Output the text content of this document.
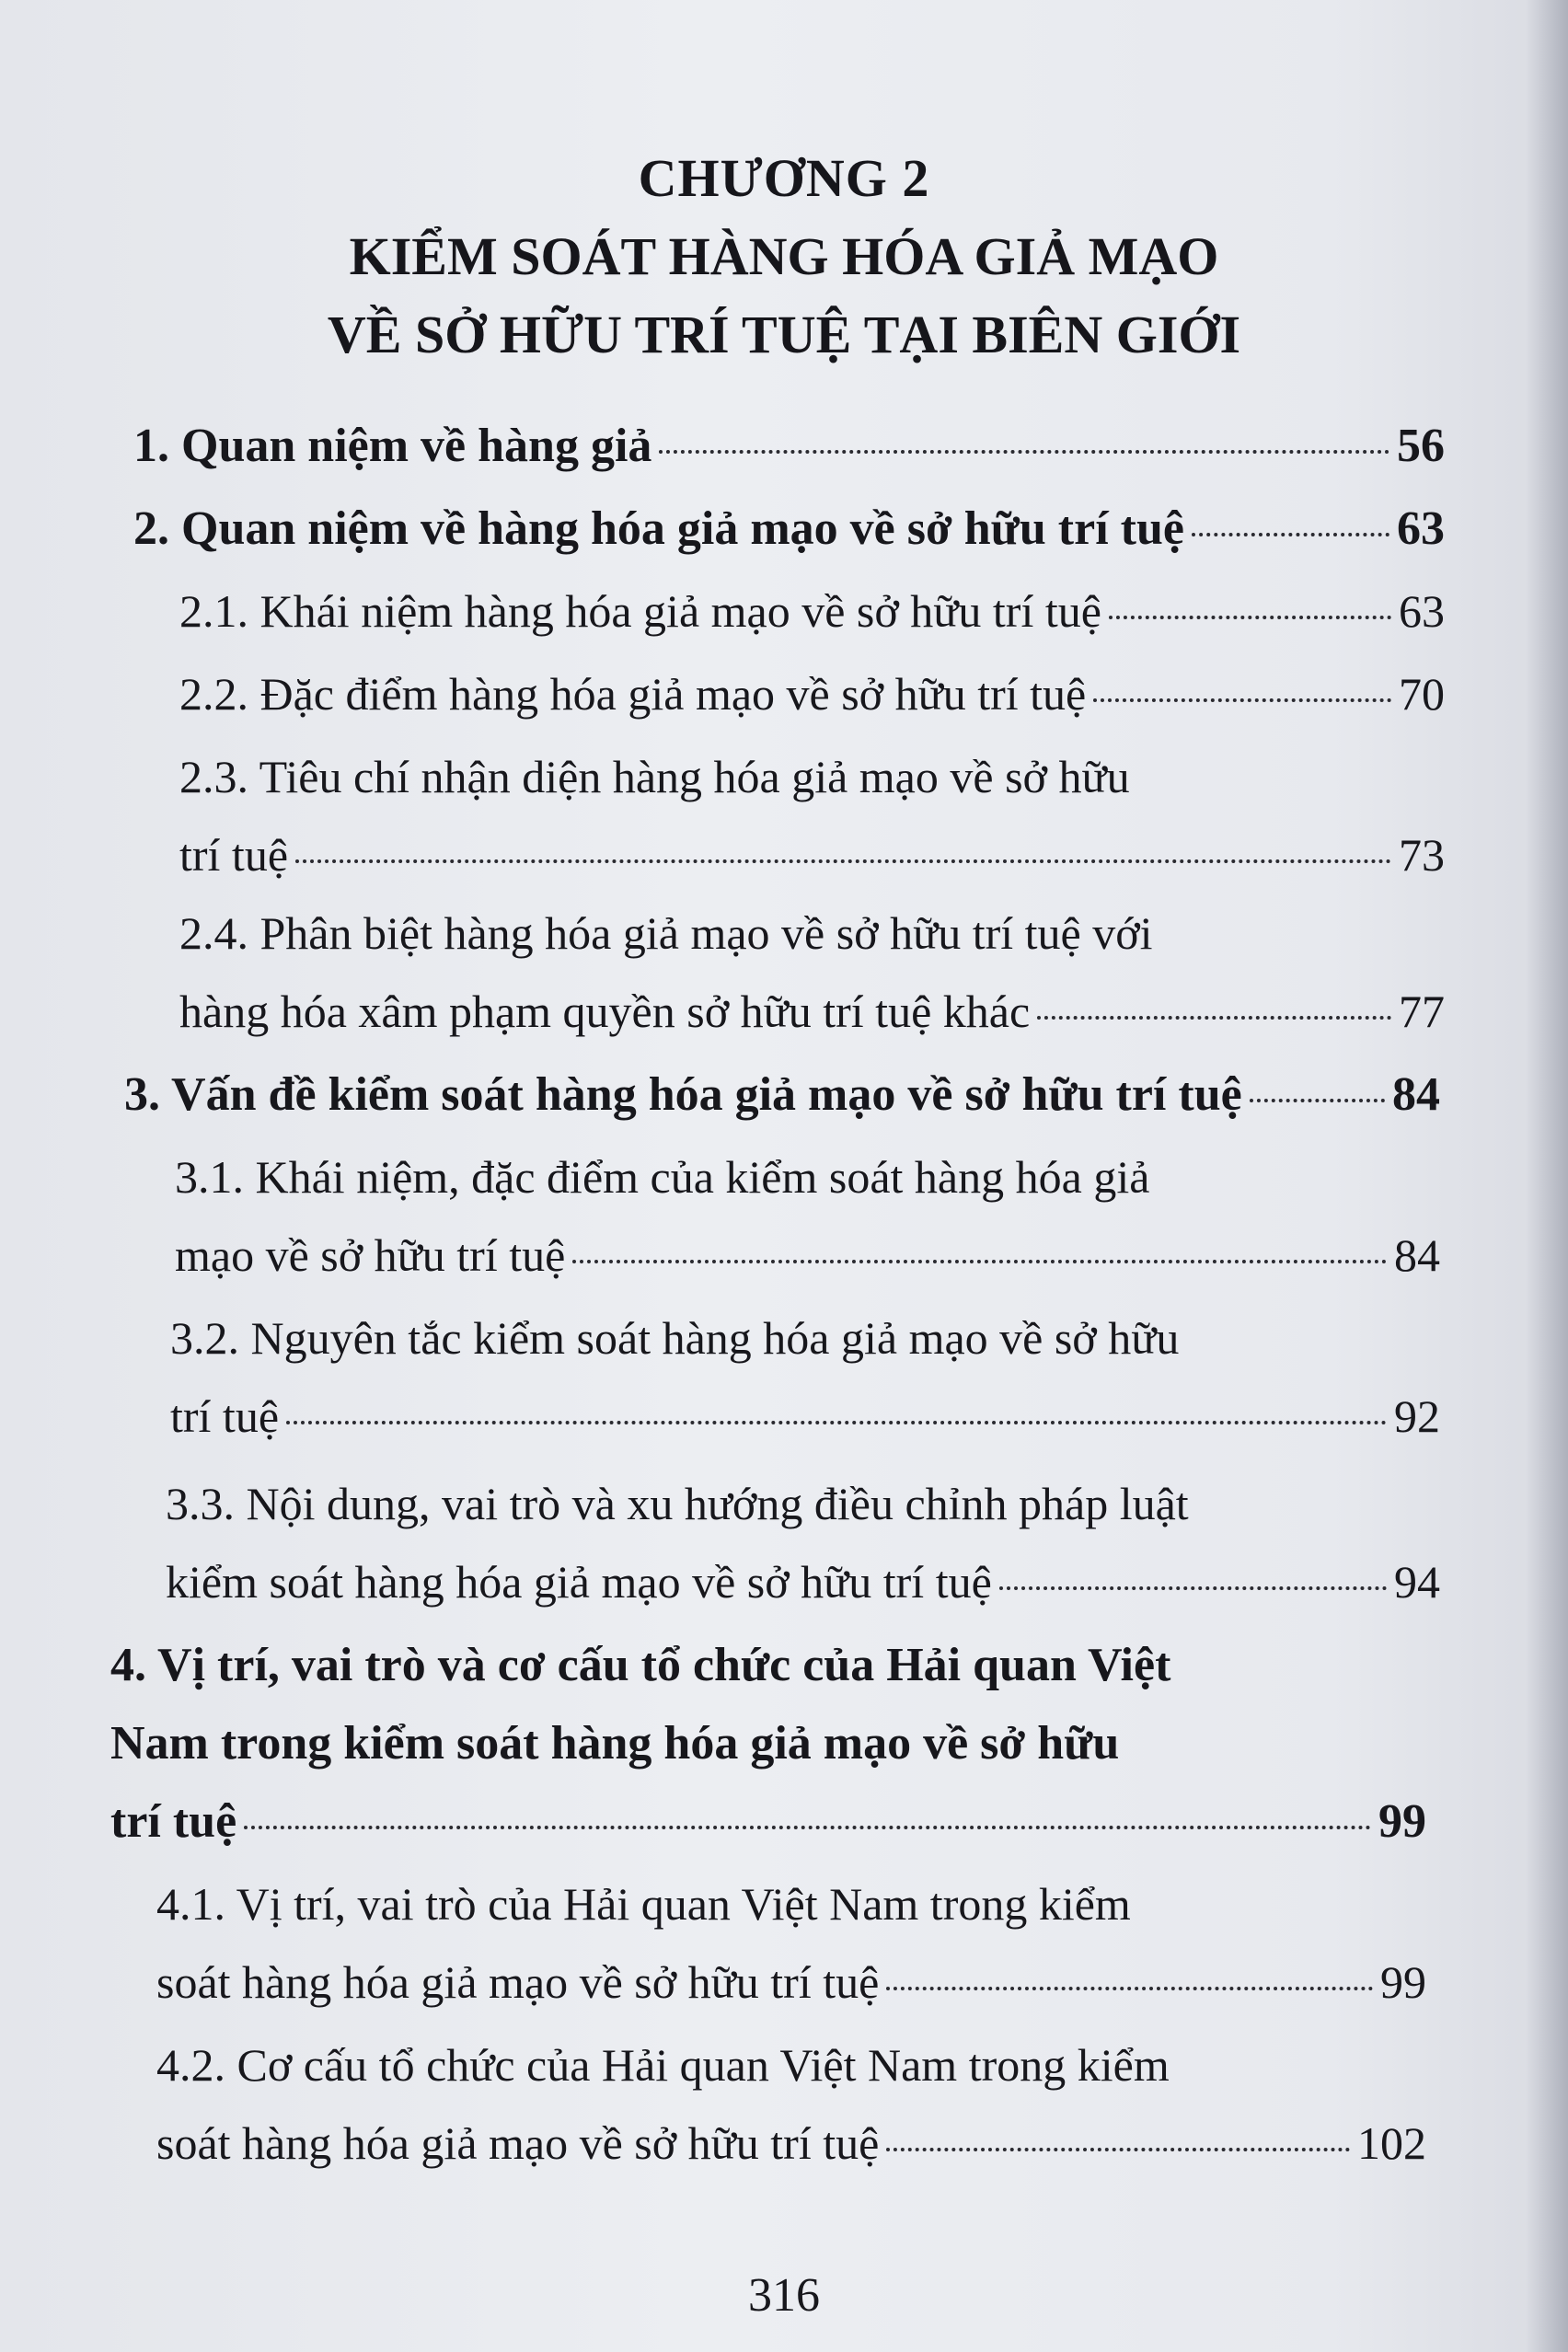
CHƯƠNG 2
KIỂM SOÁT HÀNG HÓA GIẢ MẠO
VỀ SỞ HỮU TRÍ TUỆ TẠI BIÊN GIỚI
1. Quan niệm về hàng giả	56
2. Quan niệm về hàng hóa giả mạo về sở hữu trí tuệ	63
2.1. Khái niệm hàng hóa giả mạo về sở hữu trí tuệ	63
2.2. Đặc điểm hàng hóa giả mạo về sở hữu trí tuệ	70
2.3. Tiêu chí nhận diện hàng hóa giả mạo về sở hữu
trí tuệ	73
2.4. Phân biệt hàng hóa giả mạo về sở hữu trí tuệ với
hàng hóa xâm phạm quyền sở hữu trí tuệ khác	77
3. Vấn đề kiểm soát hàng hóa giả mạo về sở hữu trí tuệ	84
3.1. Khái niệm, đặc điểm của kiểm soát hàng hóa giả
mạo về sở hữu trí tuệ	84
3.2. Nguyên tắc kiểm soát hàng hóa giả mạo về sở hữu
trí tuệ	92
3.3. Nội dung, vai trò và xu hướng điều chỉnh pháp luật
kiểm soát hàng hóa giả mạo về sở hữu trí tuệ	94
4. Vị trí, vai trò và cơ cấu tổ chức của Hải quan Việt
Nam trong kiểm soát hàng hóa giả mạo về sở hữu
trí tuệ	99
4.1. Vị trí, vai trò của Hải quan Việt Nam trong kiểm
soát hàng hóa giả mạo về sở hữu trí tuệ	99
4.2. Cơ cấu tổ chức của Hải quan Việt Nam trong kiểm
soát hàng hóa giả mạo về sở hữu trí tuệ	102
316
